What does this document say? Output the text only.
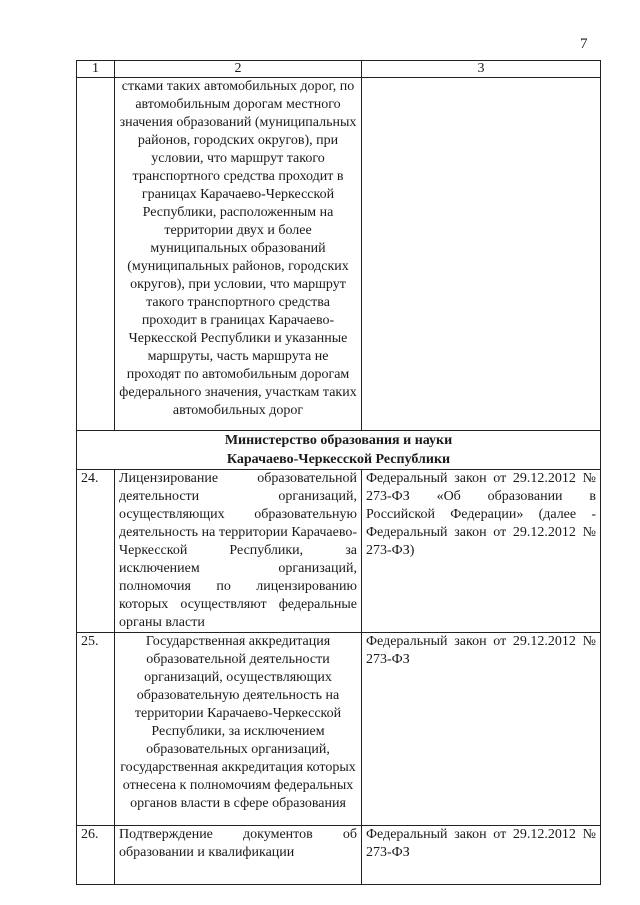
7
1	2	3
	стками таких автомобильных дорог, по автомобильным дорогам местного значения образований (муниципальных районов, городских округов), при условии, что маршрут такого транспортного средства проходит в границах Карачаево-Черкесской Республики, расположенным на территории двух и более муниципальных образований (муниципальных районов, городских округов), при условии, что маршрут такого транспортного средства проходит в границах Карачаево-Черкесской Республики и указанные маршруты, часть маршрута не проходят по автомобильным дорогам федерального значения, участкам таких автомобильных дорог	
Министерство образования и науки
Карачаево-Черкесской Республики		
24.	Лицензирование образовательной деятельности организаций, осуществляющих образовательную деятельность на территории Карачаево-Черкесской Республики, за исключением организаций, полномочия по лицензированию которых осуществляют федеральные органы власти	Федеральный закон от 29.12.2012 № 273-ФЗ «Об образовании в Российской Федерации» (далее - Федеральный закон от 29.12.2012 № 273-ФЗ)
25.	Государственная аккредитация образовательной деятельности организаций, осуществляющих образовательную деятельность на территории Карачаево-Черкесской Республики, за исключением образовательных организаций, государственная аккредитация которых отнесена к полномочиям федеральных органов власти в сфере образования	Федеральный закон от 29.12.2012 № 273-ФЗ
26.	Подтверждение документов об образовании и квалификации	Федеральный закон от 29.12.2012 № 273-ФЗ
